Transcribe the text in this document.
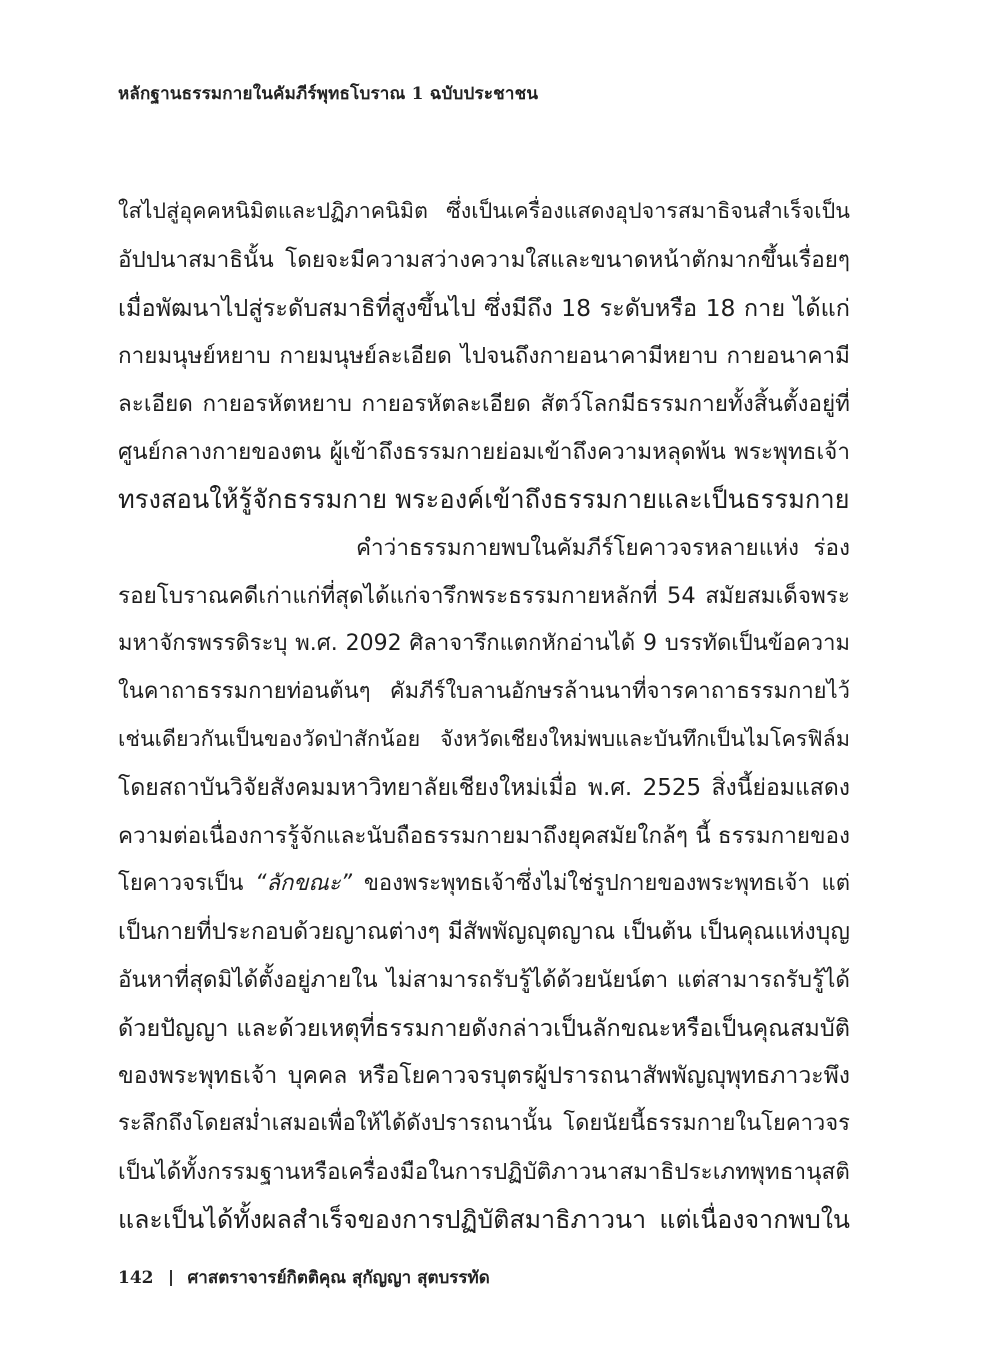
หลักฐานธรรมกายในคัมภีร์พุทธโบราณ 1 ฉบับประชาชน
ใสไปสู่อุคคหนิมิตและปฏิภาคนิมิต ซึ่งเป็นเครื่องแสดงอุปจารสมาธิจนสำเร็จเป็น
อัปปนาสมาธินั้น โดยจะมีความสว่างความใสและขนาดหน้าตักมากขึ้นเรื่อยๆ
เมื่อพัฒนาไปสู่ระดับสมาธิที่สูงขึ้นไป ซึ่งมีถึง 18 ระดับหรือ 18 กาย ได้แก่
กายมนุษย์หยาบ กายมนุษย์ละเอียด ไปจนถึงกายอนาคามีหยาบ กายอนาคามี
ละเอียด กายอรหัตหยาบ กายอรหัตละเอียด สัตว์โลกมีธรรมกายทั้งสิ้นตั้งอยู่ที่
ศูนย์กลางกายของตน ผู้เข้าถึงธรรมกายย่อมเข้าถึงความหลุดพ้น พระพุทธเจ้า
ทรงสอนให้รู้จักธรรมกาย พระองค์เข้าถึงธรรมกายและเป็นธรรมกาย
คำว่าธรรมกายพบในคัมภีร์โยคาวจรหลายแห่ง ร่อง
รอยโบราณคดีเก่าแก่ที่สุดได้แก่จารึกพระธรรมกายหลักที่ 54 สมัยสมเด็จพระ
มหาจักรพรรดิระบุ พ.ศ. 2092 ศิลาจารึกแตกหักอ่านได้ 9 บรรทัดเป็นข้อความ
ในคาถาธรรมกายท่อนต้นๆ คัมภีร์ใบลานอักษรล้านนาที่จารคาถาธรรมกายไว้
เช่นเดียวกันเป็นของวัดป่าสักน้อย จังหวัดเชียงใหม่พบและบันทึกเป็นไมโครฟิล์ม
โดยสถาบันวิจัยสังคมมหาวิทยาลัยเชียงใหม่เมื่อ พ.ศ. 2525 สิ่งนี้ย่อมแสดง
ความต่อเนื่องการรู้จักและนับถือธรรมกายมาถึงยุคสมัยใกล้ๆ นี้ ธรรมกายของ
โยคาวจรเป็น “ลักขณะ” ของพระพุทธเจ้าซึ่งไม่ใช่รูปกายของพระพุทธเจ้า แต่
เป็นกายที่ประกอบด้วยญาณต่างๆ มีสัพพัญญุตญาณ เป็นต้น เป็นคุณแห่งบุญ
อันหาที่สุดมิได้ตั้งอยู่ภายใน ไม่สามารถรับรู้ได้ด้วยนัยน์ตา แต่สามารถรับรู้ได้
ด้วยปัญญา และด้วยเหตุที่ธรรมกายดังกล่าวเป็นลักขณะหรือเป็นคุณสมบัติ
ของพระพุทธเจ้า บุคคล หรือโยคาวจรบุตรผู้ปรารถนาสัพพัญญุพุทธภาวะพึง
ระลึกถึงโดยสม่ำเสมอเพื่อให้ได้ดังปรารถนานั้น โดยนัยนี้ธรรมกายในโยคาวจร
เป็นได้ทั้งกรรมฐานหรือเครื่องมือในการปฏิบัติภาวนาสมาธิประเภทพุทธานุสติ
และเป็นได้ทั้งผลสำเร็จของการปฏิบัติสมาธิภาวนา แต่เนื่องจากพบใน
142 ศาสตราจารย์กิตติคุณ สุกัญญา สุตบรรทัด
